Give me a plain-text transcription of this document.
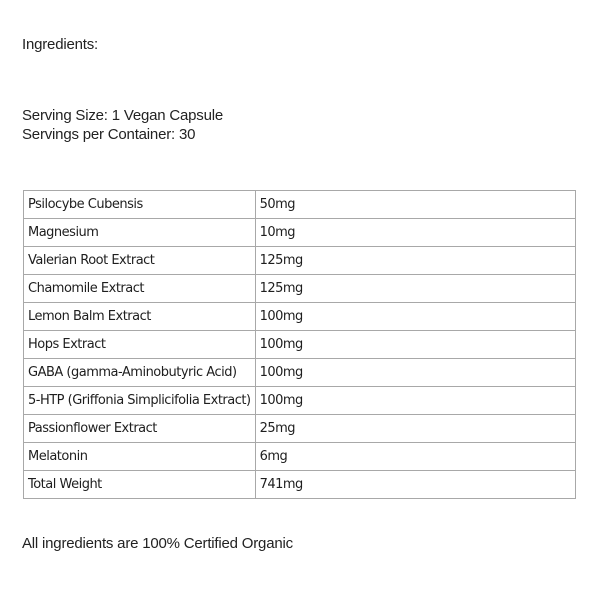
Ingredients:
Serving Size: 1 Vegan Capsule
Servings per Container: 30
Psilocybe Cubensis	50mg
Magnesium	10mg
Valerian Root Extract	125mg
Chamomile Extract	125mg
Lemon Balm Extract	100mg
Hops Extract	100mg
GABA (gamma-Aminobutyric Acid)	100mg
5-HTP (Griffonia Simplicifolia Extract)	100mg
Passionflower Extract	25mg
Melatonin	6mg
Total Weight	741mg
All ingredients are 100% Certified Organic
